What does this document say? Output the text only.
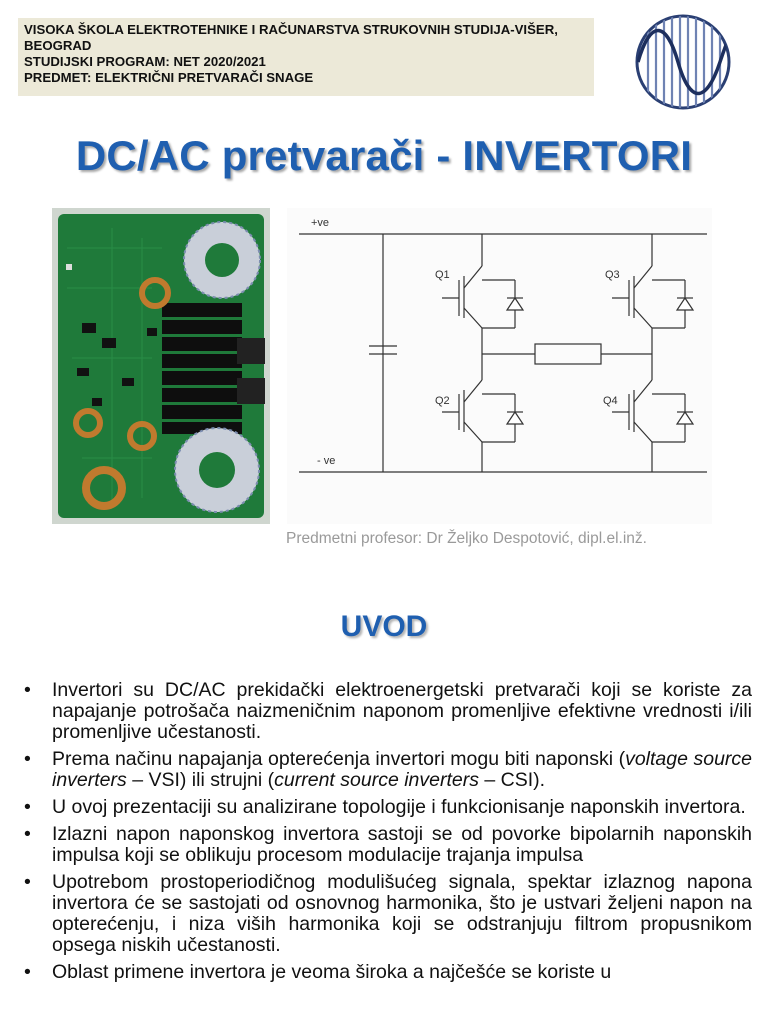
VISOKA ŠKOLA ELEKTROTEHNIKE I RAČUNARSTVA STRUKOVNIH STUDIJA-VIŠER, BEOGRAD
STUDIJSKI PROGRAM: NET 2020/2021
PREDMET: ELEKTRIČNI PRETVARAČI SNAGE
DC/AC pretvarači - INVERTORI
+ve
- ve
Q1
Q2
Q3
Q4
Predmetni profesor: Dr Željko Despotović, dipl.el.inž.
UVOD
• Invertori su DC/AC prekidački elektroenergetski pretvarači koji se koriste za napajanje potrošača naizmeničnim naponom promenljive efektivne vrednosti i/ili promenljive učestanosti.
• Prema načinu napajanja opterećenja invertori mogu biti naponski (voltage source inverters – VSI) ili strujni (current source inverters – CSI).
• U ovoj prezentaciji su analizirane topologije i funkcionisanje naponskih invertora.
• Izlazni napon naponskog invertora sastoji se od povorke bipolarnih naponskih impulsa koji se oblikuju procesom modulacije trajanja impulsa
• Upotrebom prostoperiodičnog modulišućeg signala, spektar izlaznog napona invertora će se sastojati od osnovnog harmonika, što je ustvari željeni napon na opterećenju, i niza viših harmonika koji se odstranjuju filtrom propusnikom opsega niskih učestanosti.
• Oblast primene invertora je veoma široka a najčešće se koriste u
